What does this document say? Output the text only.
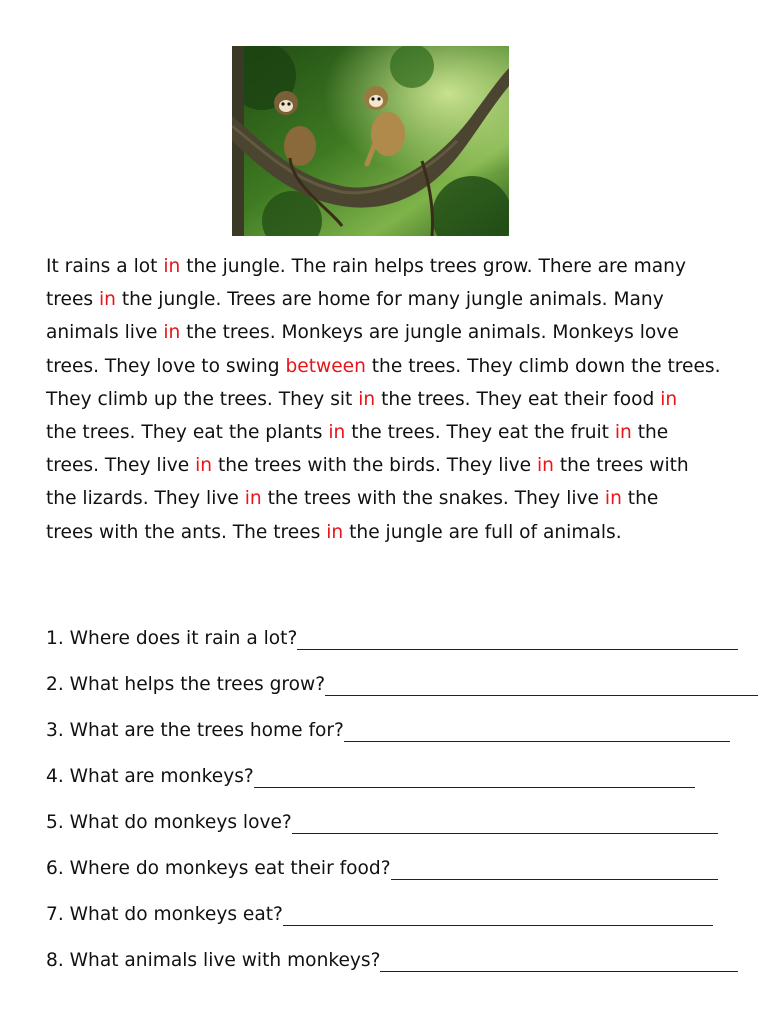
It rains a lot in the jungle. The rain helps trees grow. There are many
trees in the jungle. Trees are home for many jungle animals. Many
animals live in the trees. Monkeys are jungle animals. Monkeys love
trees. They love to swing between the trees. They climb down the trees.
They climb up the trees. They sit in the trees. They eat their food in
the trees. They eat the plants in the trees. They eat the fruit in the
trees. They live in the trees with the birds. They live in the trees with
the lizards. They live in the trees with the snakes. They live in the
trees with the ants. The trees in the jungle are full of animals.
1. Where does it rain a lot?
2. What helps the trees grow?
3. What are the trees home for?
4. What are monkeys?
5. What do monkeys love?
6. Where do monkeys eat their food?
7. What do monkeys eat?
8. What animals live with monkeys?
